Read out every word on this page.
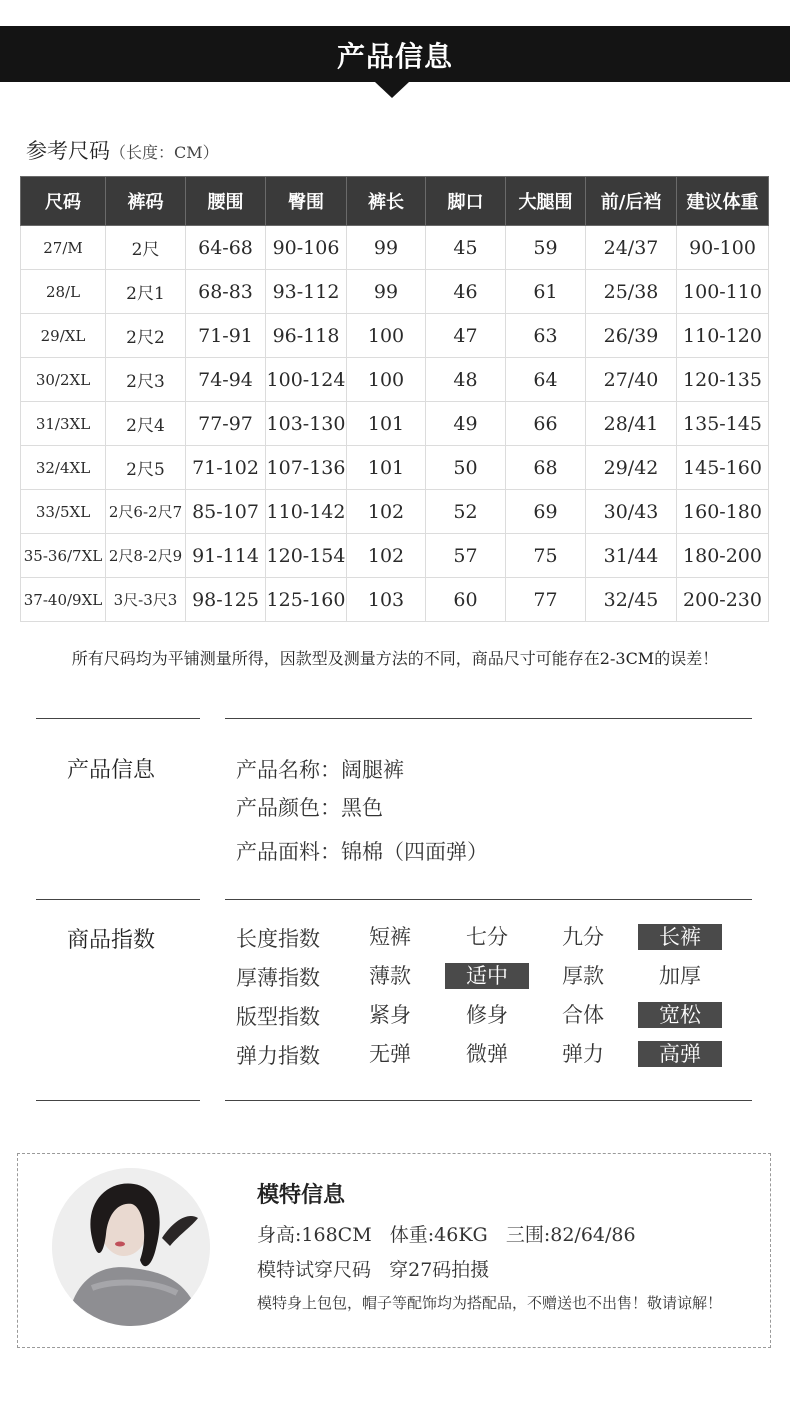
产品信息
参考尺码（长度：CM）
尺码	裤码	腰围	臀围	裤长	脚口	大腿围	前/后裆	建议体重
27/M	2尺	64-68	90-106	99	45	59	24/37	90-100
28/L	2尺1	68-83	93-112	99	46	61	25/38	100-110
29/XL	2尺2	71-91	96-118	100	47	63	26/39	110-120
30/2XL	2尺3	74-94	100-124	100	48	64	27/40	120-135
31/3XL	2尺4	77-97	103-130	101	49	66	28/41	135-145
32/4XL	2尺5	71-102	107-136	101	50	68	29/42	145-160
33/5XL	2尺6-2尺7	85-107	110-142	102	52	69	30/43	160-180
35-36/7XL	2尺8-2尺9	91-114	120-154	102	57	75	31/44	180-200
37-40/9XL	3尺-3尺3	98-125	125-160	103	60	77	32/45	200-230
所有尺码均为平铺测量所得，因款型及测量方法的不同，商品尺寸可能存在2-3CM的误差！
产品信息	产品名称：阔腿裤
产品颜色：黑色
产品面料：锦棉（四面弹）
商品指数	长度指数	短裤	七分	九分	长裤
厚薄指数	薄款	适中	厚款	加厚
版型指数	紧身	修身	合体	宽松
弹力指数	无弹	微弹	弹力	高弹
模特信息
身高:168CM   体重:46KG   三围:82/64/86
模特试穿尺码   穿27码拍摄
模特身上包包，帽子等配饰均为搭配品，不赠送也不出售！敬请谅解！
